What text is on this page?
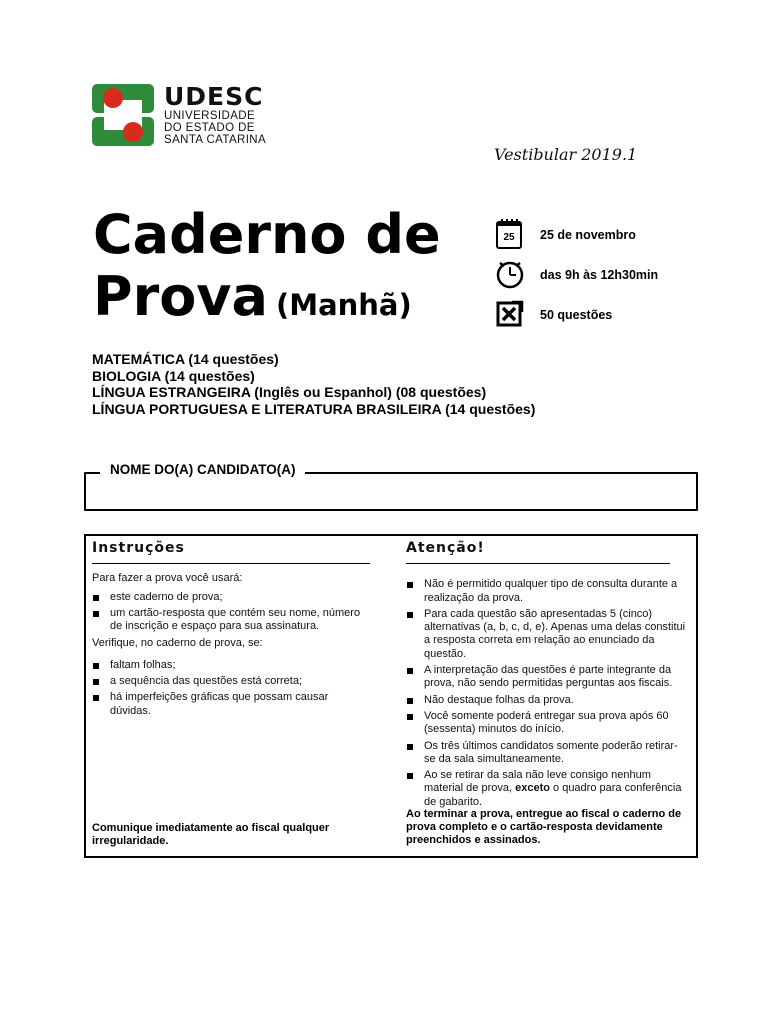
UDESC
UNIVERSIDADE
DO ESTADO DE
SANTA CATARINA
Vestibular 2019.1
Caderno de
Prova (Manhã)
25 25 de novembro
das 9h às 12h30min
50 questões
MATEMÁTICA (14 questões)
BIOLOGIA (14 questões)
LÍNGUA ESTRANGEIRA (Inglês ou Espanhol) (08 questões)
LÍNGUA PORTUGUESA E LITERATURA BRASILEIRA (14 questões)
NOME DO(A) CANDIDATO(A)
Instruções
Para fazer a prova você usará:
este caderno de prova;
um cartão-resposta que contém seu nome, número de inscrição e espaço para sua assinatura.
Verifique, no caderno de prova, se:
faltam folhas;
a sequência das questões está correta;
há imperfeições gráficas que possam causar dúvidas.
Comunique imediatamente ao fiscal qualquer irregularidade.
Atenção!
Não é permitido qualquer tipo de consulta durante a realização da prova.
Para cada questão são apresentadas 5 (cinco) alternativas (a, b, c, d, e). Apenas uma delas constitui a resposta correta em relação ao enunciado da questão.
A interpretação das questões é parte integrante da prova, não sendo permitidas perguntas aos fiscais.
Não destaque folhas da prova.
Você somente poderá entregar sua prova após 60 (sessenta) minutos do início.
Os três últimos candidatos somente poderão retirar-se da sala simultaneamente.
Ao se retirar da sala não leve consigo nenhum material de prova, exceto o quadro para conferência de gabarito.
Ao terminar a prova, entregue ao fiscal o caderno de prova completo e o cartão-resposta devidamente preenchidos e assinados.
